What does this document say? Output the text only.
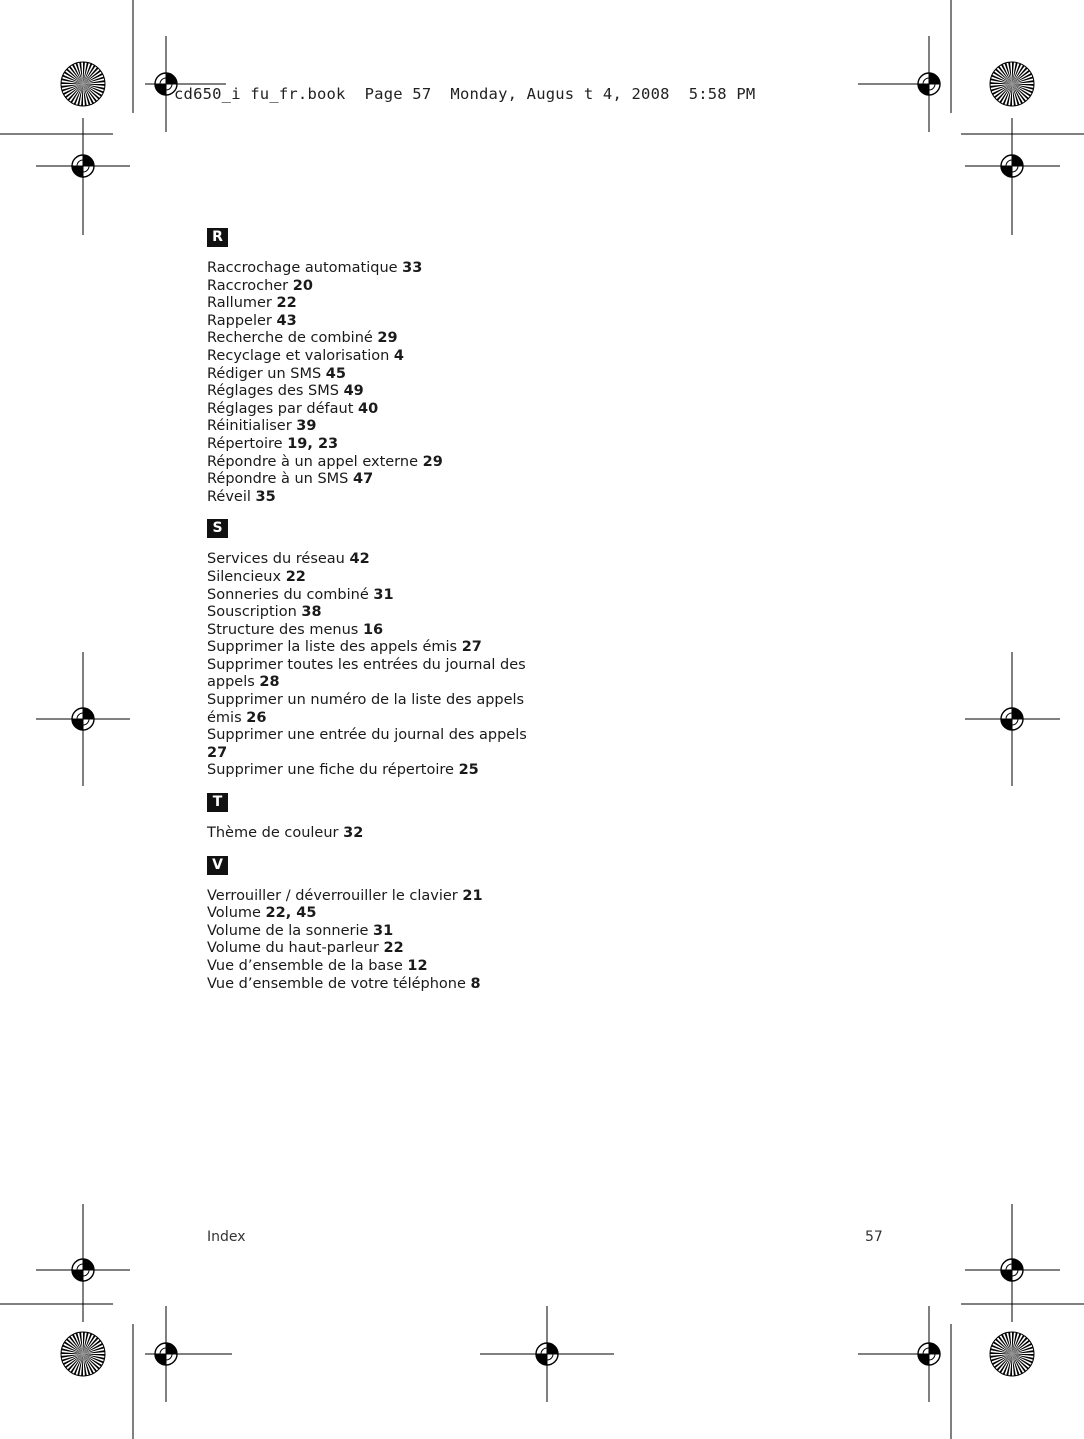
cd650_i fu_fr.book  Page 57  Monday, Augus t 4, 2008  5:58 PM
R
Raccrochage automatique 33
Raccrocher 20
Rallumer 22
Rappeler 43
Recherche de combiné 29
Recyclage et valorisation 4
Rédiger un SMS 45
Réglages des SMS 49
Réglages par défaut 40
Réinitialiser 39
Répertoire 19, 23
Répondre à un appel externe 29
Répondre à un SMS 47
Réveil 35
S
Services du réseau 42
Silencieux 22
Sonneries du combiné 31
Souscription 38
Structure des menus 16
Supprimer la liste des appels émis 27
Supprimer toutes les entrées du journal des appels 28
Supprimer un numéro de la liste des appels émis 26
Supprimer une entrée du journal des appels 27
Supprimer une fiche du répertoire 25
T
Thème de couleur 32
V
Verrouiller / déverrouiller le clavier 21
Volume 22, 45
Volume de la sonnerie 31
Volume du haut-parleur 22
Vue d’ensemble de la base 12
Vue d’ensemble de votre téléphone 8
Index	57
